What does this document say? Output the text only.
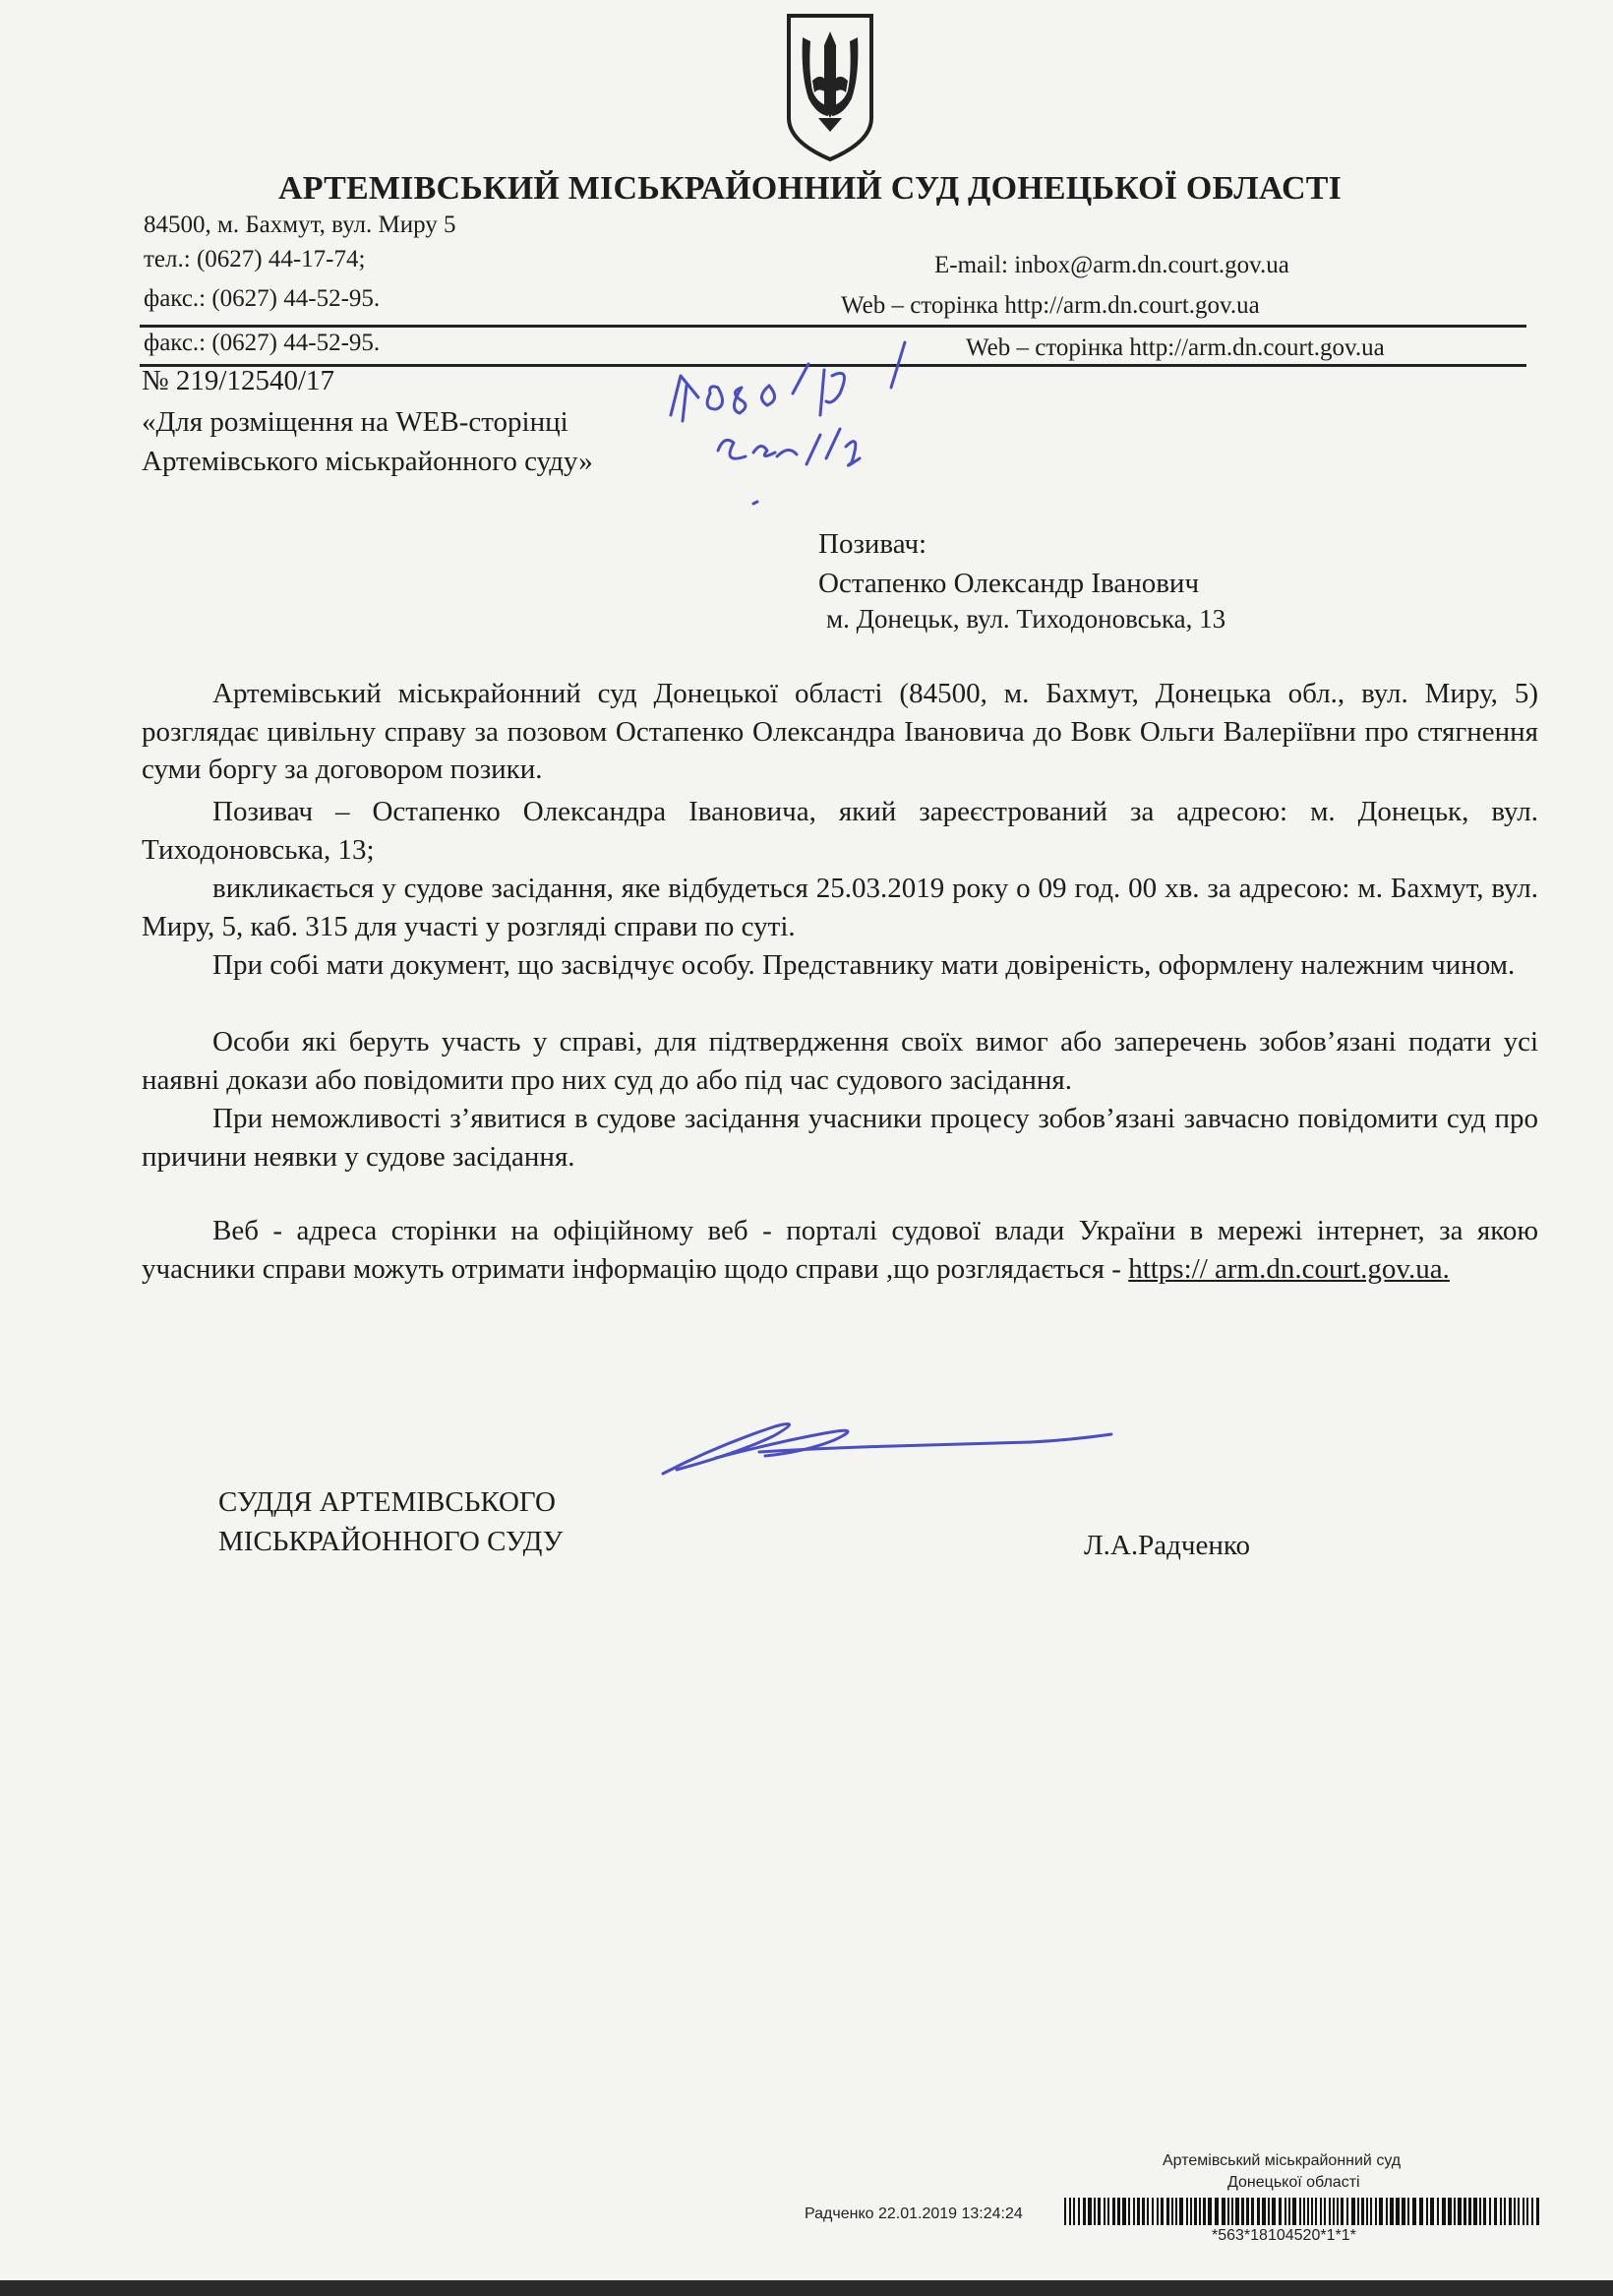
АРТЕМІВСЬКИЙ МІСЬКРАЙОННИЙ СУД ДОНЕЦЬКОЇ ОБЛАСТІ
84500, м. Бахмут, вул. Миру 5
тел.: (0627) 44-17-74;	E-mail: inbox@arm.dn.court.gov.ua
факс.: (0627) 44-52-95.	Web – сторінка http://arm.dn.court.gov.ua
факс.: (0627) 44-52-95.	Web – сторінка http://arm.dn.court.gov.ua
№ 219/12540/17
«Для розміщення на WEB-сторінці
Артемівського міськрайонного суду»
Позивач:
Остапенко Олександр Іванович
м. Донецьк, вул. Тиходоновська, 13
Артемівський міськрайонний суд Донецької області (84500, м. Бахмут, Донецька обл., вул. Миру, 5) розглядає цивільну справу за позовом Остапенко Олександра Івановича до Вовк Ольги Валеріївни про стягнення суми боргу за договором позики.
Позивач – Остапенко Олександра Івановича, який зареєстрований за адресою: м. Донецьк, вул. Тиходоновська, 13;
викликається у судове засідання, яке відбудеться 25.03.2019 року о 09 год. 00 хв. за адресою: м. Бахмут, вул. Миру, 5, каб. 315 для участі у розгляді справи по суті.
При собі мати документ, що засвідчує особу. Представнику мати довіреність, оформлену належним чином.
Особи які беруть участь у справі, для підтвердження своїх вимог або заперечень зобов’язані подати усі наявні докази або повідомити про них суд до або під час судового засідання.
При неможливості з’явитися в судове засідання учасники процесу зобов’язані завчасно повідомити суд про причини неявки у судове засідання.
Веб - адреса сторінки на офіційному веб - порталі судової влади України в мережі інтернет, за якою учасники справи можуть отримати інформацію щодо справи ,що розглядається - https:// arm.dn.court.gov.ua.
СУДДЯ АРТЕМІВСЬКОГО
МІСЬКРАЙОННОГО СУДУ	Л.А.Радченко
Артемівський міськрайонний суд
Донецької області
Радченко 22.01.2019 13:24:24
*563*18104520*1*1*
